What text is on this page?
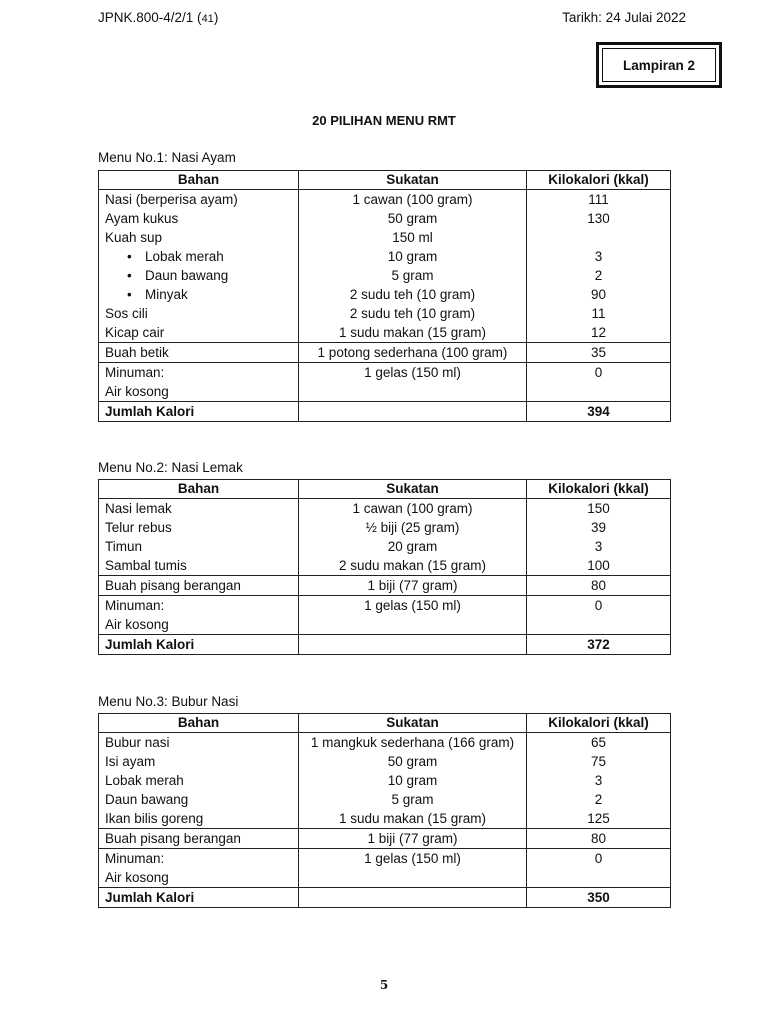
JPNK.800-4/2/1 (41)	Tarikh: 24 Julai 2022
Lampiran 2
20 PILIHAN MENU RMT
Menu No.1: Nasi Ayam
Bahan	Sukatan	Kilokalori (kkal)
Nasi (berperisa ayam)	1 cawan (100 gram)	111
Ayam kukus	50 gram	130
Kuah sup	150 ml	
• Lobak merah	10 gram	3
• Daun bawang	5 gram	2
• Minyak	2 sudu teh (10 gram)	90
Sos cili	2 sudu teh (10 gram)	11
Kicap cair	1 sudu makan (15 gram)	12
Buah betik	1 potong sederhana (100 gram)	35
Minuman:	1 gelas (150 ml)	0
Air kosong		
Jumlah Kalori		394
Menu No.2: Nasi Lemak
Bahan	Sukatan	Kilokalori (kkal)
Nasi lemak	1 cawan (100 gram)	150
Telur rebus	½ biji (25 gram)	39
Timun	20 gram	3
Sambal tumis	2 sudu makan (15 gram)	100
Buah pisang berangan	1 biji (77 gram)	80
Minuman:	1 gelas (150 ml)	0
Air kosong		
Jumlah Kalori		372
Menu No.3: Bubur Nasi
Bahan	Sukatan	Kilokalori (kkal)
Bubur nasi	1 mangkuk sederhana (166 gram)	65
Isi ayam	50 gram	75
Lobak merah	10 gram	3
Daun bawang	5 gram	2
Ikan bilis goreng	1 sudu makan (15 gram)	125
Buah pisang berangan	1 biji (77 gram)	80
Minuman:	1 gelas (150 ml)	0
Air kosong		
Jumlah Kalori		350
5
